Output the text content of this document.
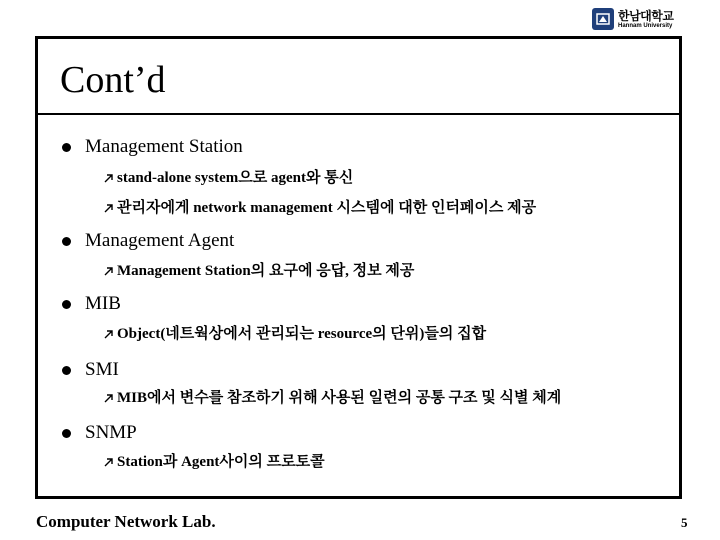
한남대학교
Hannam University
Cont’d
Management Station
stand-alone system으로 agent와 통신
관리자에게 network management 시스템에 대한 인터페이스 제공
Management Agent
Management Station의 요구에 응답, 정보 제공
MIB
Object(네트웍상에서 관리되는 resource의 단위)들의 집합
SMI
MIB에서 변수를 참조하기 위해 사용된 일련의 공통 구조 및 식별 체계
SNMP
Station과 Agent사이의 프로토콜
Computer Network Lab.	5
